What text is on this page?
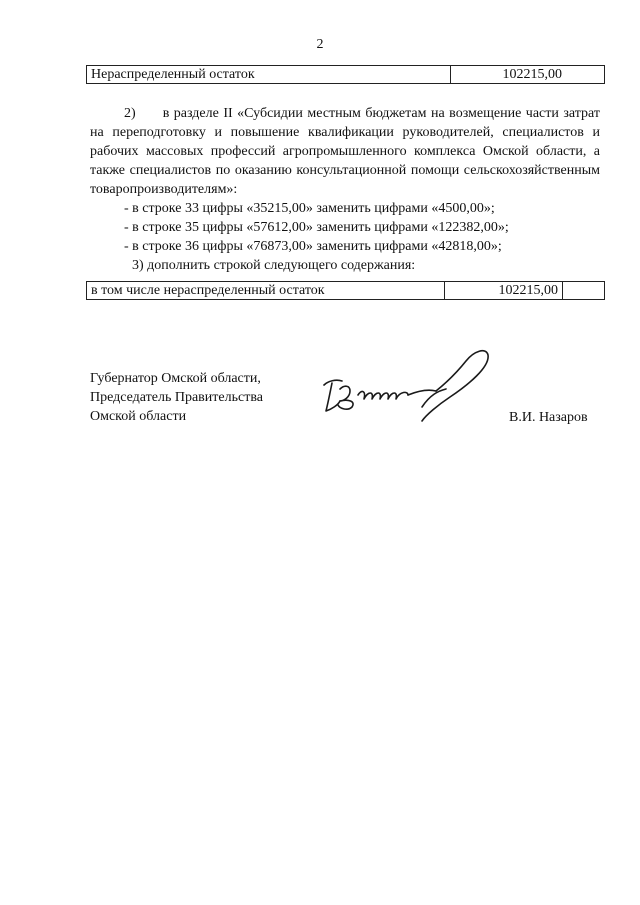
2
Нераспределенный остаток	102215,00
2) в разделе II «Субсидии местным бюджетам на возмещение части затрат на переподготовку и повышение квалификации руководителей, специалистов и рабочих массовых профессий агропромышленного комплекса Омской области, а также специалистов по оказанию консультационной помощи сельскохозяйственным товаропроизводителям»:
- в строке 33 цифры «35215,00» заменить цифрами «4500,00»;
- в строке 35 цифры «57612,00» заменить цифрами «122382,00»;
- в строке 36 цифры «76873,00» заменить цифрами «42818,00»;
3) дополнить строкой следующего содержания:
в том числе нераспределенный остаток	102215,00	
Губернатор Омской области,
Председатель Правительства
Омской области	В.И. Назаров
